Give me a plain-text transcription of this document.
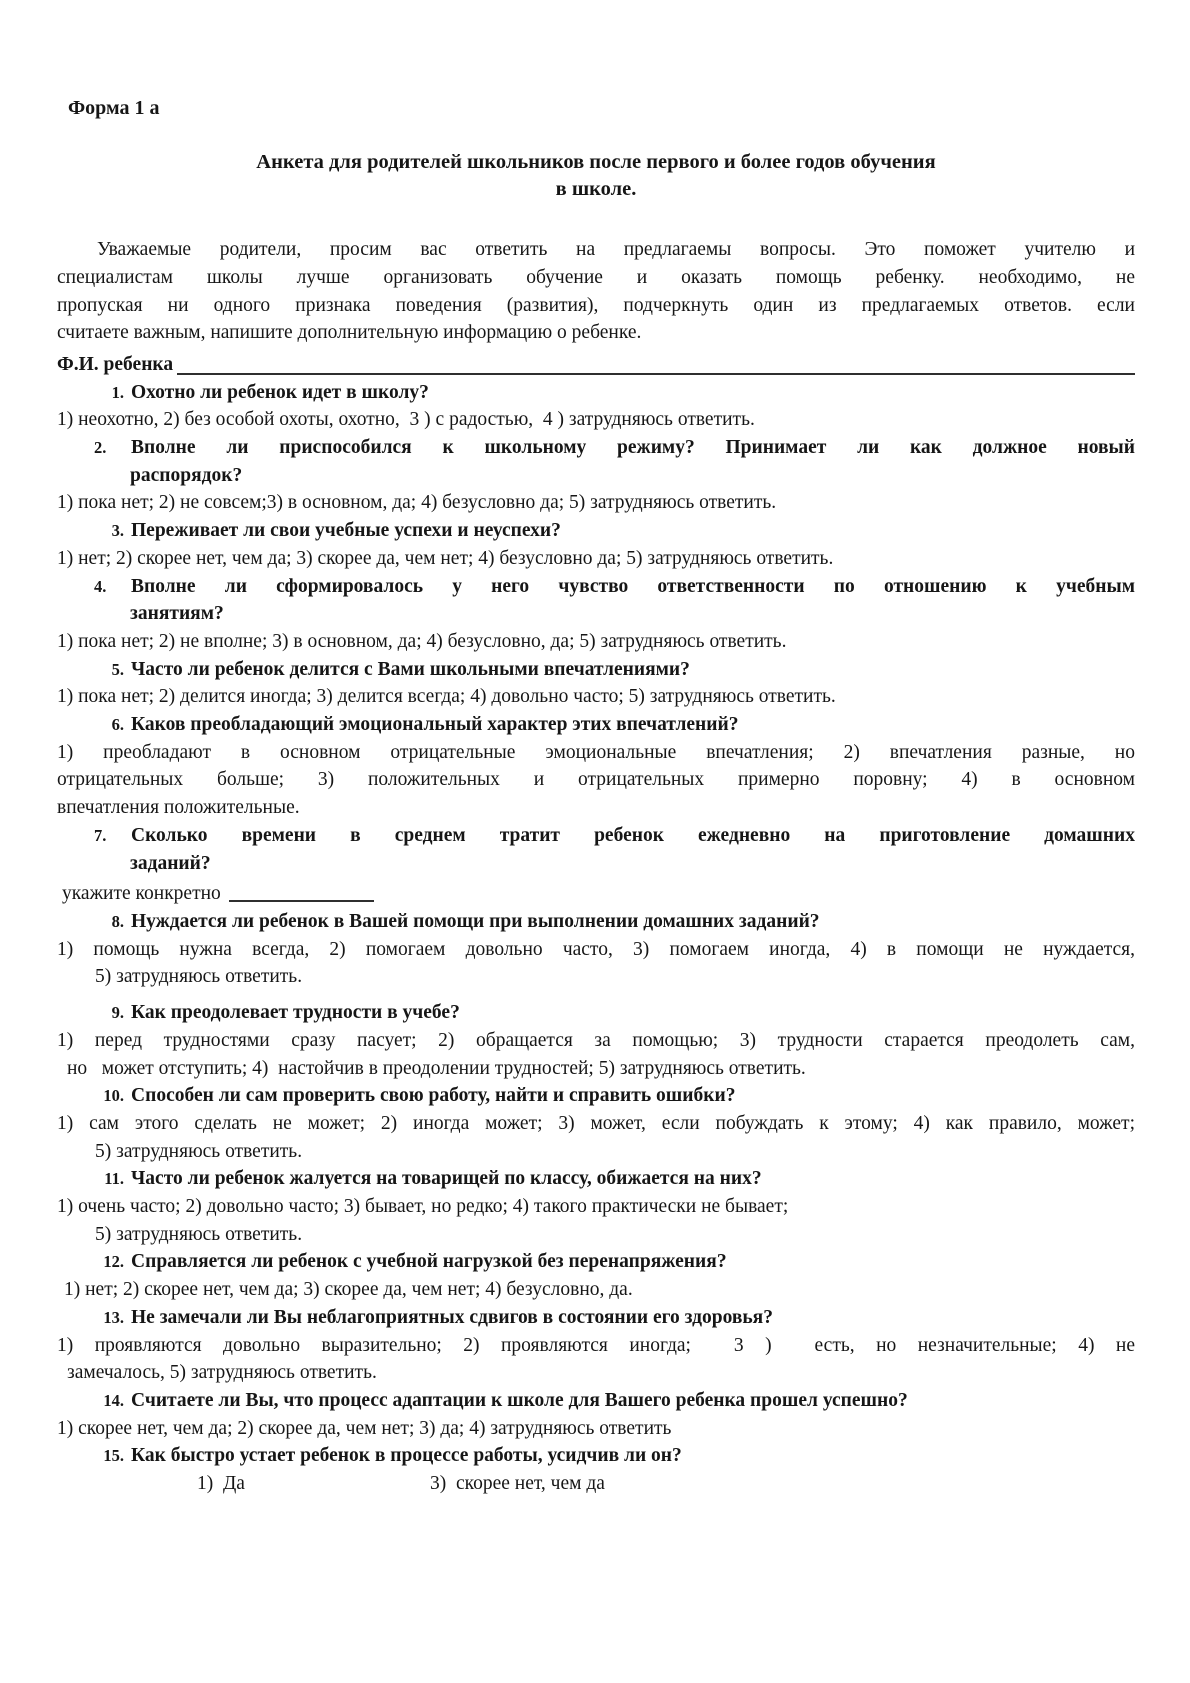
Форма 1 а
Анкета для родителей школьников после первого и более годов обучения
в школе.
Уважаемые родители, просим вас ответить на предлагаемы вопросы. Это поможет учителю и
специалистам школы лучше организовать обучение и оказать помощь ребенку. необходимо, не
пропуская ни одного признака поведения (развития), подчеркнуть один из предлагаемых ответов. если
считаете важным, напишите дополнительную информацию о ребенке.
Ф.И. ребенка
1. Охотно ли ребенок идет в школу?
1) неохотно, 2) без особой охоты, охотно,  3 ) с радостью,  4 ) затрудняюсь ответить.
2. Вполне ли приспособился к школьному режиму? Принимает ли как должное новый
распорядок?
1) пока нет; 2) не совсем;3) в основном, да; 4) безусловно да; 5) затрудняюсь ответить.
3. Переживает ли свои учебные успехи и неуспехи?
1) нет; 2) скорее нет, чем да; 3) скорее да, чем нет; 4) безусловно да; 5) затрудняюсь ответить.
4. Вполне ли сформировалось у него чувство ответственности по отношению к учебным
занятиям?
1) пока нет; 2) не вполне; 3) в основном, да; 4) безусловно, да; 5) затрудняюсь ответить.
5. Часто ли ребенок делится с Вами школьными впечатлениями?
1) пока нет; 2) делится иногда; 3) делится всегда; 4) довольно часто; 5) затрудняюсь ответить.
6. Каков преобладающий эмоциональный характер этих впечатлений?
1) преобладают в основном отрицательные эмоциональные впечатления; 2) впечатления разные, но
отрицательных больше; 3) положительных и отрицательных примерно поровну; 4) в основном
впечатления положительные.
7. Сколько времени в среднем тратит ребенок ежедневно на приготовление домашних
заданий?
укажите конкретно
8. Нуждается ли ребенок в Вашей помощи при выполнении домашних заданий?
1) помощь нужна всегда, 2) помогаем довольно часто, 3) помогаем иногда, 4) в помощи не нуждается,
5) затрудняюсь ответить.
9. Как преодолевает трудности в учебе?
1) перед трудностями сразу пасует; 2) обращается за помощью; 3) трудности старается преодолеть сам,
но   может отступить; 4)  настойчив в преодолении трудностей; 5) затрудняюсь ответить.
10. Способен ли сам проверить свою работу, найти и справить ошибки?
1) сам этого сделать не может; 2) иногда может; 3) может, если побуждать к этому; 4) как правило, может;
5) затрудняюсь ответить.
11. Часто ли ребенок жалуется на товарищей по классу, обижается на них?
1) очень часто; 2) довольно часто; 3) бывает, но редко; 4) такого практически не бывает;
5) затрудняюсь ответить.
12. Справляется ли ребенок с учебной нагрузкой без перенапряжения?
1) нет; 2) скорее нет, чем да; 3) скорее да, чем нет; 4) безусловно, да.
13. Не замечали ли Вы неблагоприятных сдвигов в состоянии его здоровья?
1) проявляются довольно выразительно; 2) проявляются иногда;  3 )  есть, но незначительные; 4) не
замечалось, 5) затрудняюсь ответить.
14. Считаете ли Вы, что процесс адаптации к школе для Вашего ребенка прошел успешно?
1) скорее нет, чем да; 2) скорее да, чем нет; 3) да; 4) затрудняюсь ответить
15. Как быстро устает ребенок в процессе работы, усидчив ли он?
1)  Да	3)  скорее нет, чем да
